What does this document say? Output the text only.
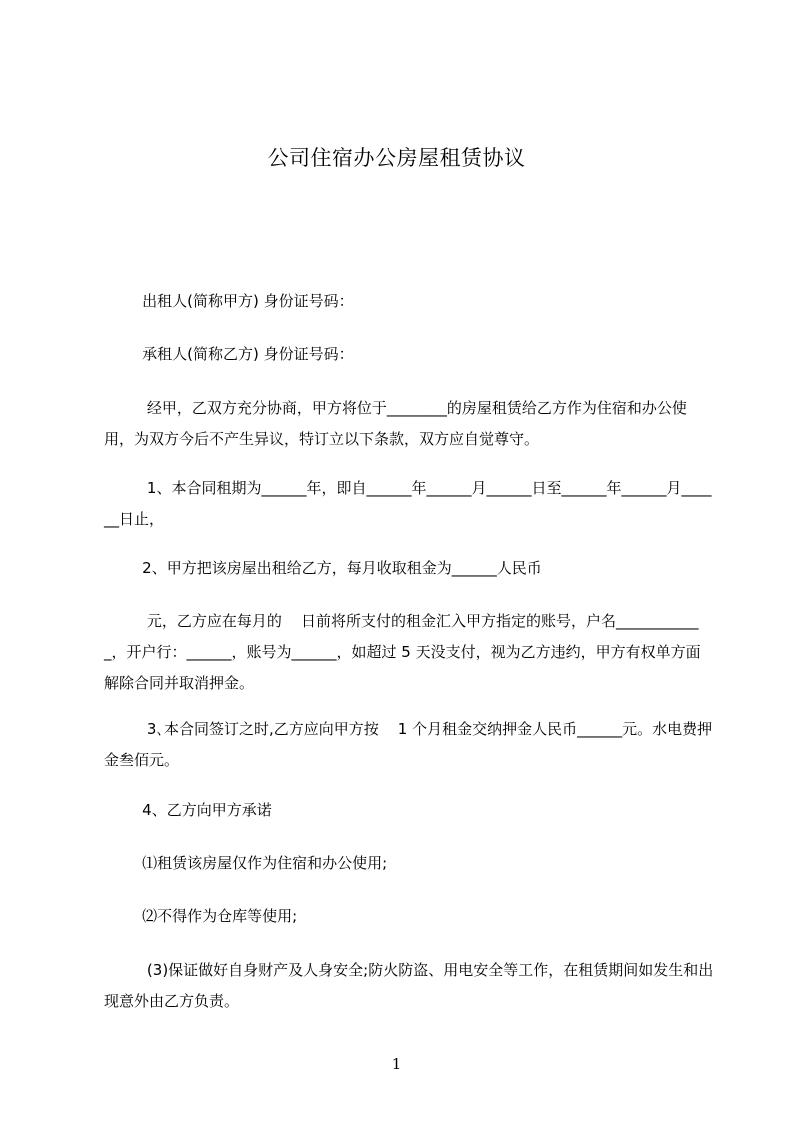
公司住宿办公房屋租赁协议
出租人(简称甲方) 身份证号码：
承租人(简称乙方) 身份证号码：
经甲，乙双方充分协商，甲方将位于________的房屋租赁给乙方作为住宿和办公使用，为双方今后不产生异议，特订立以下条款，双方应自觉尊守。
1、本合同租期为______年，即自______年______月______日至______年______月______日止，
2、甲方把该房屋出租给乙方，每月收取租金为______人民币
元，乙方应在每月的    日前将所支付的租金汇入甲方指定的账号，户名____________，开户行：______，账号为______，如超过 5 天没支付，视为乙方违约，甲方有权单方面解除合同并取消押金。
3､本合同签订之时,乙方应向甲方按    1 个月租金交纳押金人民币______元。水电费押金叁佰元。
4、乙方向甲方承诺
⑴租赁该房屋仅作为住宿和办公使用;
⑵不得作为仓库等使用;
(3)保证做好自身财产及人身安全;防火防盗、用电安全等工作，在租赁期间如发生和出现意外由乙方负责。
1
